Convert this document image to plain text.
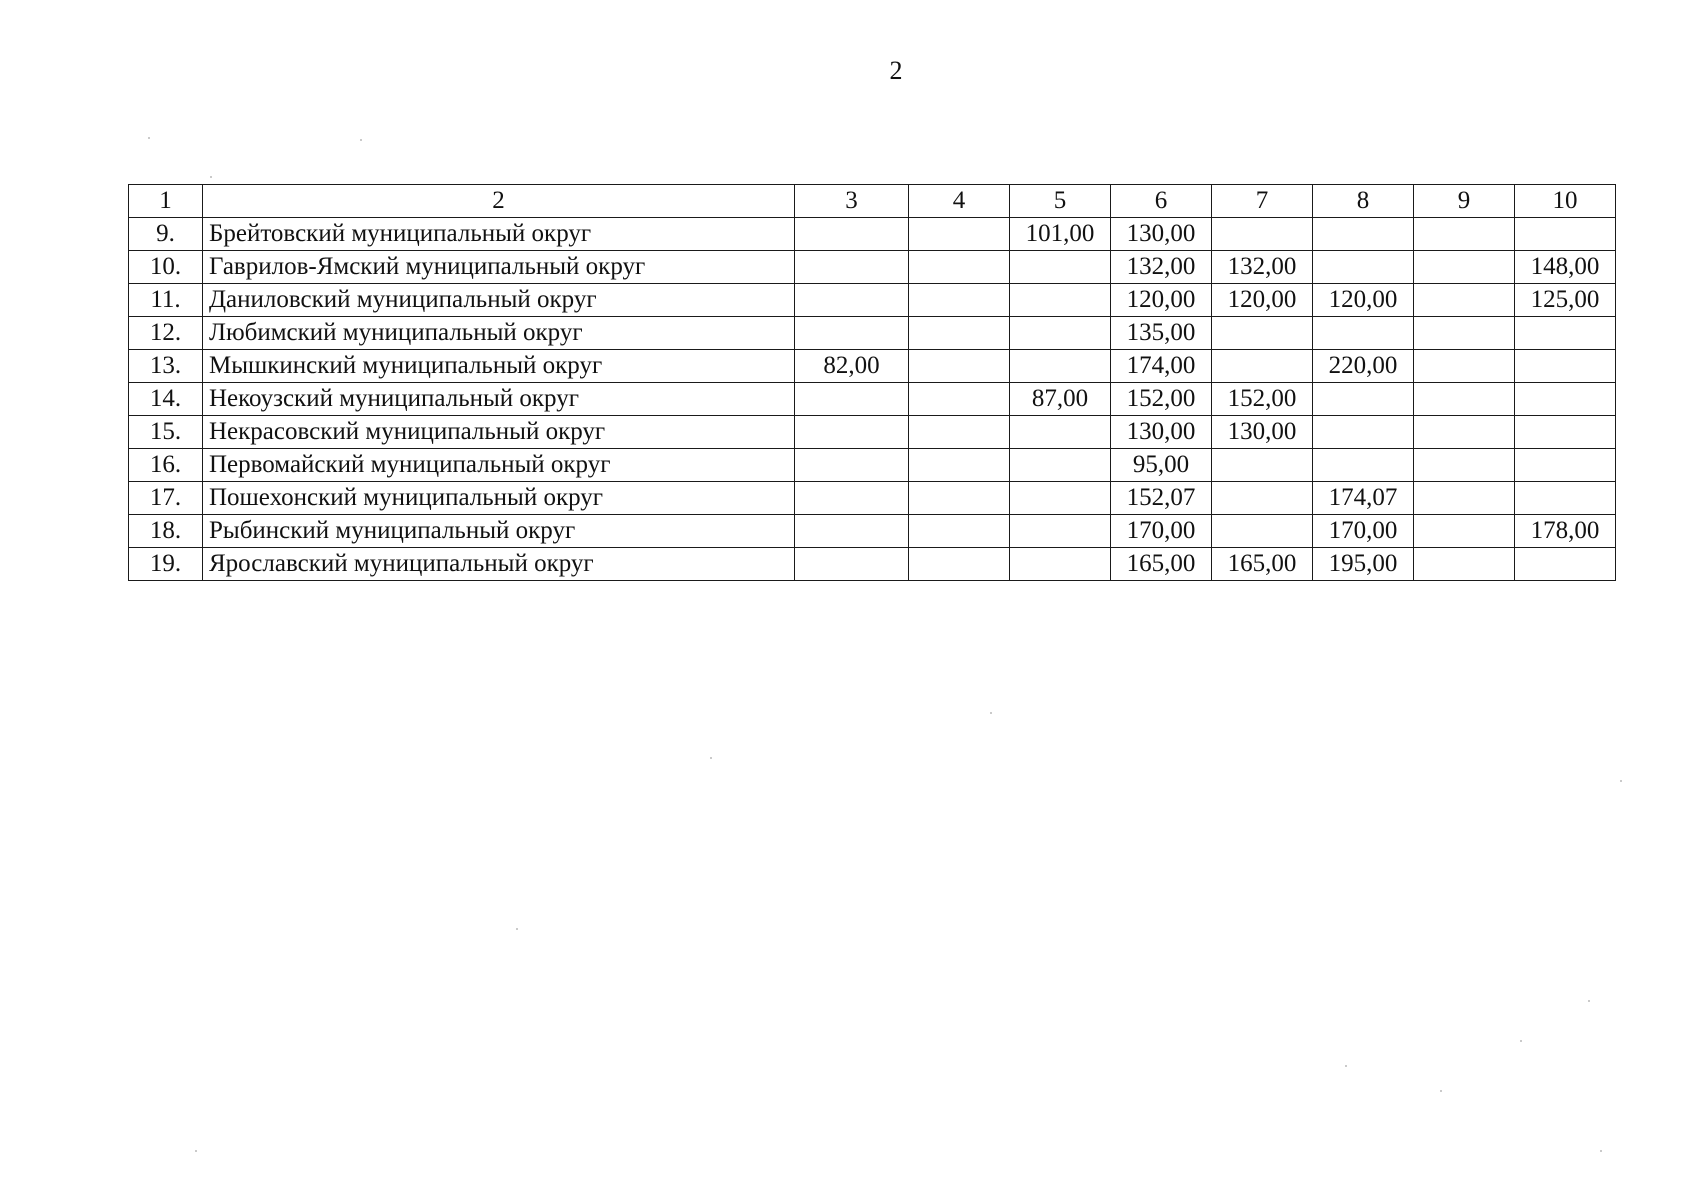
2
1	2	3	4	5	6	7	8	9	10
9.	Брейтовский муниципальный округ			101,00	130,00				
10.	Гаврилов-Ямский муниципальный округ				132,00	132,00			148,00
11.	Даниловский муниципальный округ				120,00	120,00	120,00		125,00
12.	Любимский муниципальный округ				135,00				
13.	Мышкинский муниципальный округ	82,00			174,00		220,00		
14.	Некоузский муниципальный округ			87,00	152,00	152,00			
15.	Некрасовский муниципальный округ				130,00	130,00			
16.	Первомайский муниципальный округ				95,00				
17.	Пошехонский муниципальный округ				152,07		174,07		
18.	Рыбинский муниципальный округ				170,00		170,00		178,00
19.	Ярославский муниципальный округ				165,00	165,00	195,00		
